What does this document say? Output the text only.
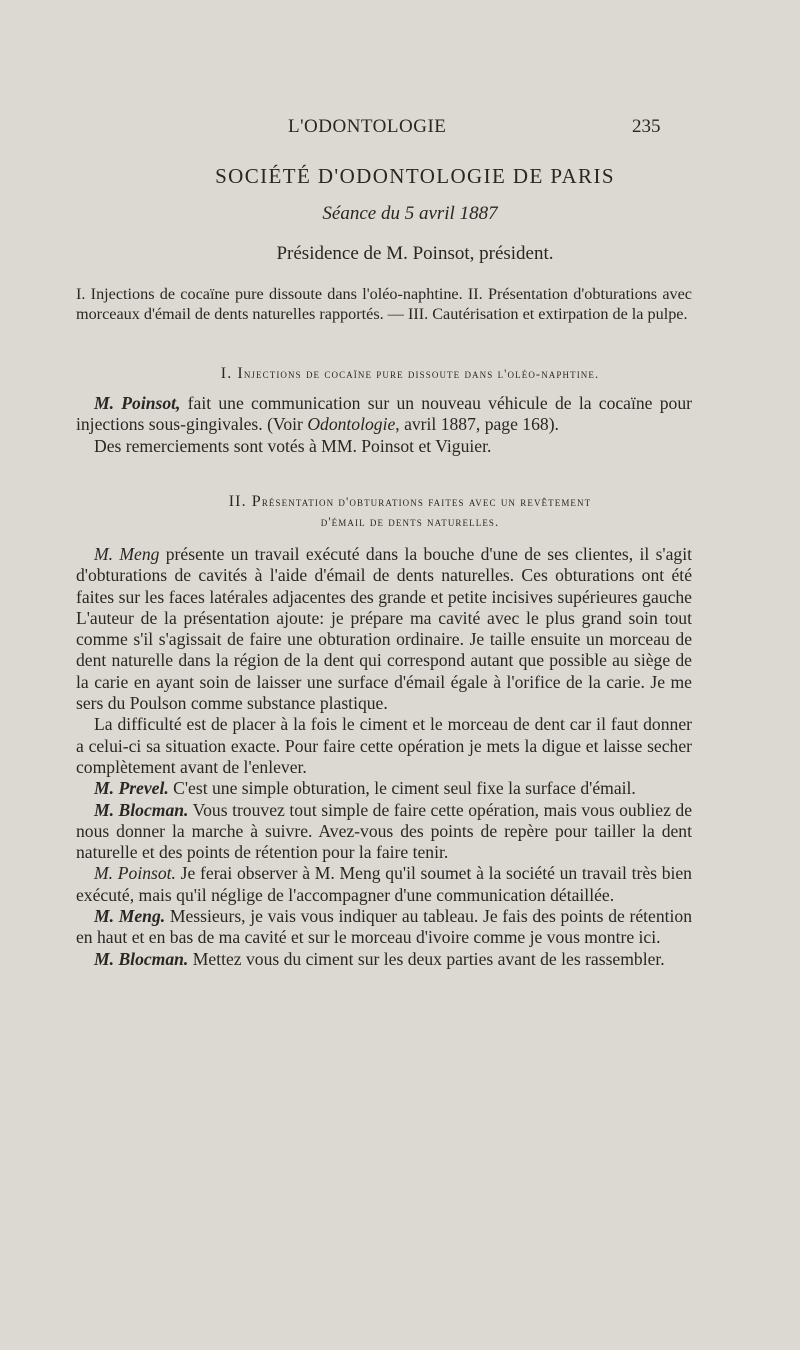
L'ODONTOLOGIE	235
SOCIÉTÉ D'ODONTOLOGIE DE PARIS
Séance du 5 avril 1887
Présidence de M. Poinsot, président.
I. Injections de cocaïne pure dissoute dans l'oléo-naphtine. II. Présentation d'obturations avec morceaux d'émail de dents naturelles rapportés. — III. Cautérisation et extirpation de la pulpe.
I. Injections de cocaïne pure dissoute dans l'oléo-naphtine.

M. Poinsot, fait une communication sur un nouveau véhicule de la cocaïne pour injections sous-gingivales. (Voir Odontologie, avril 1887, page 168).

Des remerciements sont votés à MM. Poinsot et Viguier.

II. Présentation d'obturations faites avec un revêtement
d'émail de dents naturelles.

M. Meng présente un travail exécuté dans la bouche d'une de ses clientes, il s'agit d'obturations de cavités à l'aide d'émail de dents naturelles. Ces obturations ont été faites sur les faces latérales adjacentes des grande et petite incisives supérieures gauche L'auteur de la présentation ajoute: je prépare ma cavité avec le plus grand soin tout comme s'il s'agissait de faire une obturation ordinaire. Je taille ensuite un morceau de dent naturelle dans la région de la dent qui correspond autant que possible au siège de la carie en ayant soin de laisser une surface d'émail égale à l'orifice de la carie. Je me sers du Poulson comme substance plastique.

La difficulté est de placer à la fois le ciment et le morceau de dent car il faut donner a celui-ci sa situation exacte. Pour faire cette opération je mets la digue et laisse secher complètement avant de l'enlever.

M. Prevel. C'est une simple obturation, le ciment seul fixe la surface d'émail.

M. Blocman. Vous trouvez tout simple de faire cette opération, mais vous oubliez de nous donner la marche à suivre. Avez-vous des points de repère pour tailler la dent naturelle et des points de rétention pour la faire tenir.

M. Poinsot. Je ferai observer à M. Meng qu'il soumet à la société un travail très bien exécuté, mais qu'il néglige de l'accompagner d'une communication détaillée.

M. Meng. Messieurs, je vais vous indiquer au tableau. Je fais des points de rétention en haut et en bas de ma cavité et sur le morceau d'ivoire comme je vous montre ici.

M. Blocman. Mettez vous du ciment sur les deux parties avant de les rassembler.
